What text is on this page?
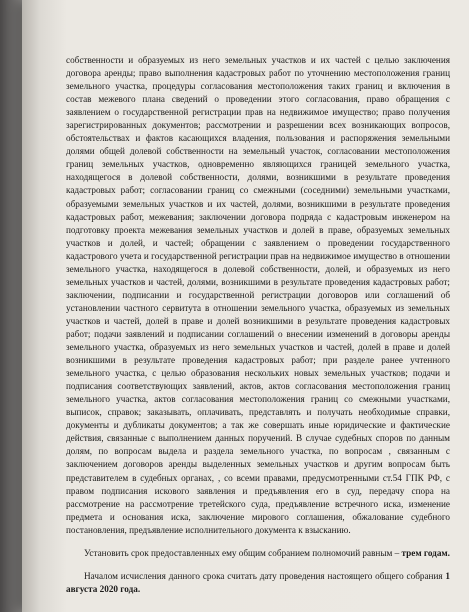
собственности и образуемых из него земельных участков и их частей с целью заключения договора аренды; право выполнения кадастровых работ по уточнению местоположения границ земельного участка, процедуры согласования местоположения таких границ и включения в состав межевого плана сведений о проведении этого согласования, право обращения с заявлением о государственной регистрации прав на недвижимое имущество; право получения зарегистрированных документов; рассмотрении и разрешении всех возникающих вопросов, обстоятельствах и фактов касающихся владения, пользования и распоряжения земельными долями общей долевой собственности на земельный участок, согласовании местоположения границ земельных участков, одновременно являющихся границей земельного участка, находящегося в долевой собственности, долями, возникшими в результате проведения кадастровых работ; согласовании границ со смежными (соседними) земельными участками, образуемыми земельных участков и их частей, долями, возникшими в результате проведения кадастровых работ, межевания; заключении договора подряда с кадастровым инженером на подготовку проекта межевания земельных участков и долей в праве, образуемых земельных участков и долей, и частей; обращении с заявлением о проведении государственного кадастрового учета и государственной регистрации прав на недвижимое имущество в отношении земельного участка, находящегося в долевой собственности, долей, и образуемых из него земельных участков и частей, долями, возникшими в результате проведения кадастровых работ; заключении, подписании и государственной регистрации договоров или соглашений об установлении частного сервитута в отношении земельного участка, образуемых из земельных участков и частей, долей в праве и долей возникшими в результате проведения кадастровых работ; подачи заявлений и подписании соглашений о внесении изменений в договоры аренды земельного участка, образуемых из него земельных участков и частей, долей в праве и долей возникшими в результате проведения кадастровых работ; при разделе ранее учтенного земельного участка, с целью образования нескольких новых земельных участков; подачи и подписания соответствующих заявлений, актов, актов согласования местоположения границ земельного участка, актов согласования местоположения границ со смежными участками, выписок, справок; заказывать, оплачивать, представлять и получать необходимые справки, документы и дубликаты документов; а так же совершать иные юридические и фактические действия, связанные с выполнением данных поручений. В случае судебных споров по данным долям, по вопросам выдела и раздела земельного участка, по вопросам , связанным с заключением договоров аренды выделенных земельных участков и другим вопросам быть представителем в судебных органах, , со всеми правами, предусмотренными ст.54 ГПК РФ, с правом подписания искового заявления и предъявления его в суд, передачу спора на рассмотрение на рассмотрение третейского суда, предъявление встречного иска, изменение предмета и основания иска, заключение мирового соглашения, обжалование судебного постановления, предъявление исполнительного документа к взысканию.

Установить срок предоставленных ему общим собранием полномочий равным – трем годам.

Началом исчисления данного срока считать дату проведения настоящего общего собрания 1 августа 2020 года.
